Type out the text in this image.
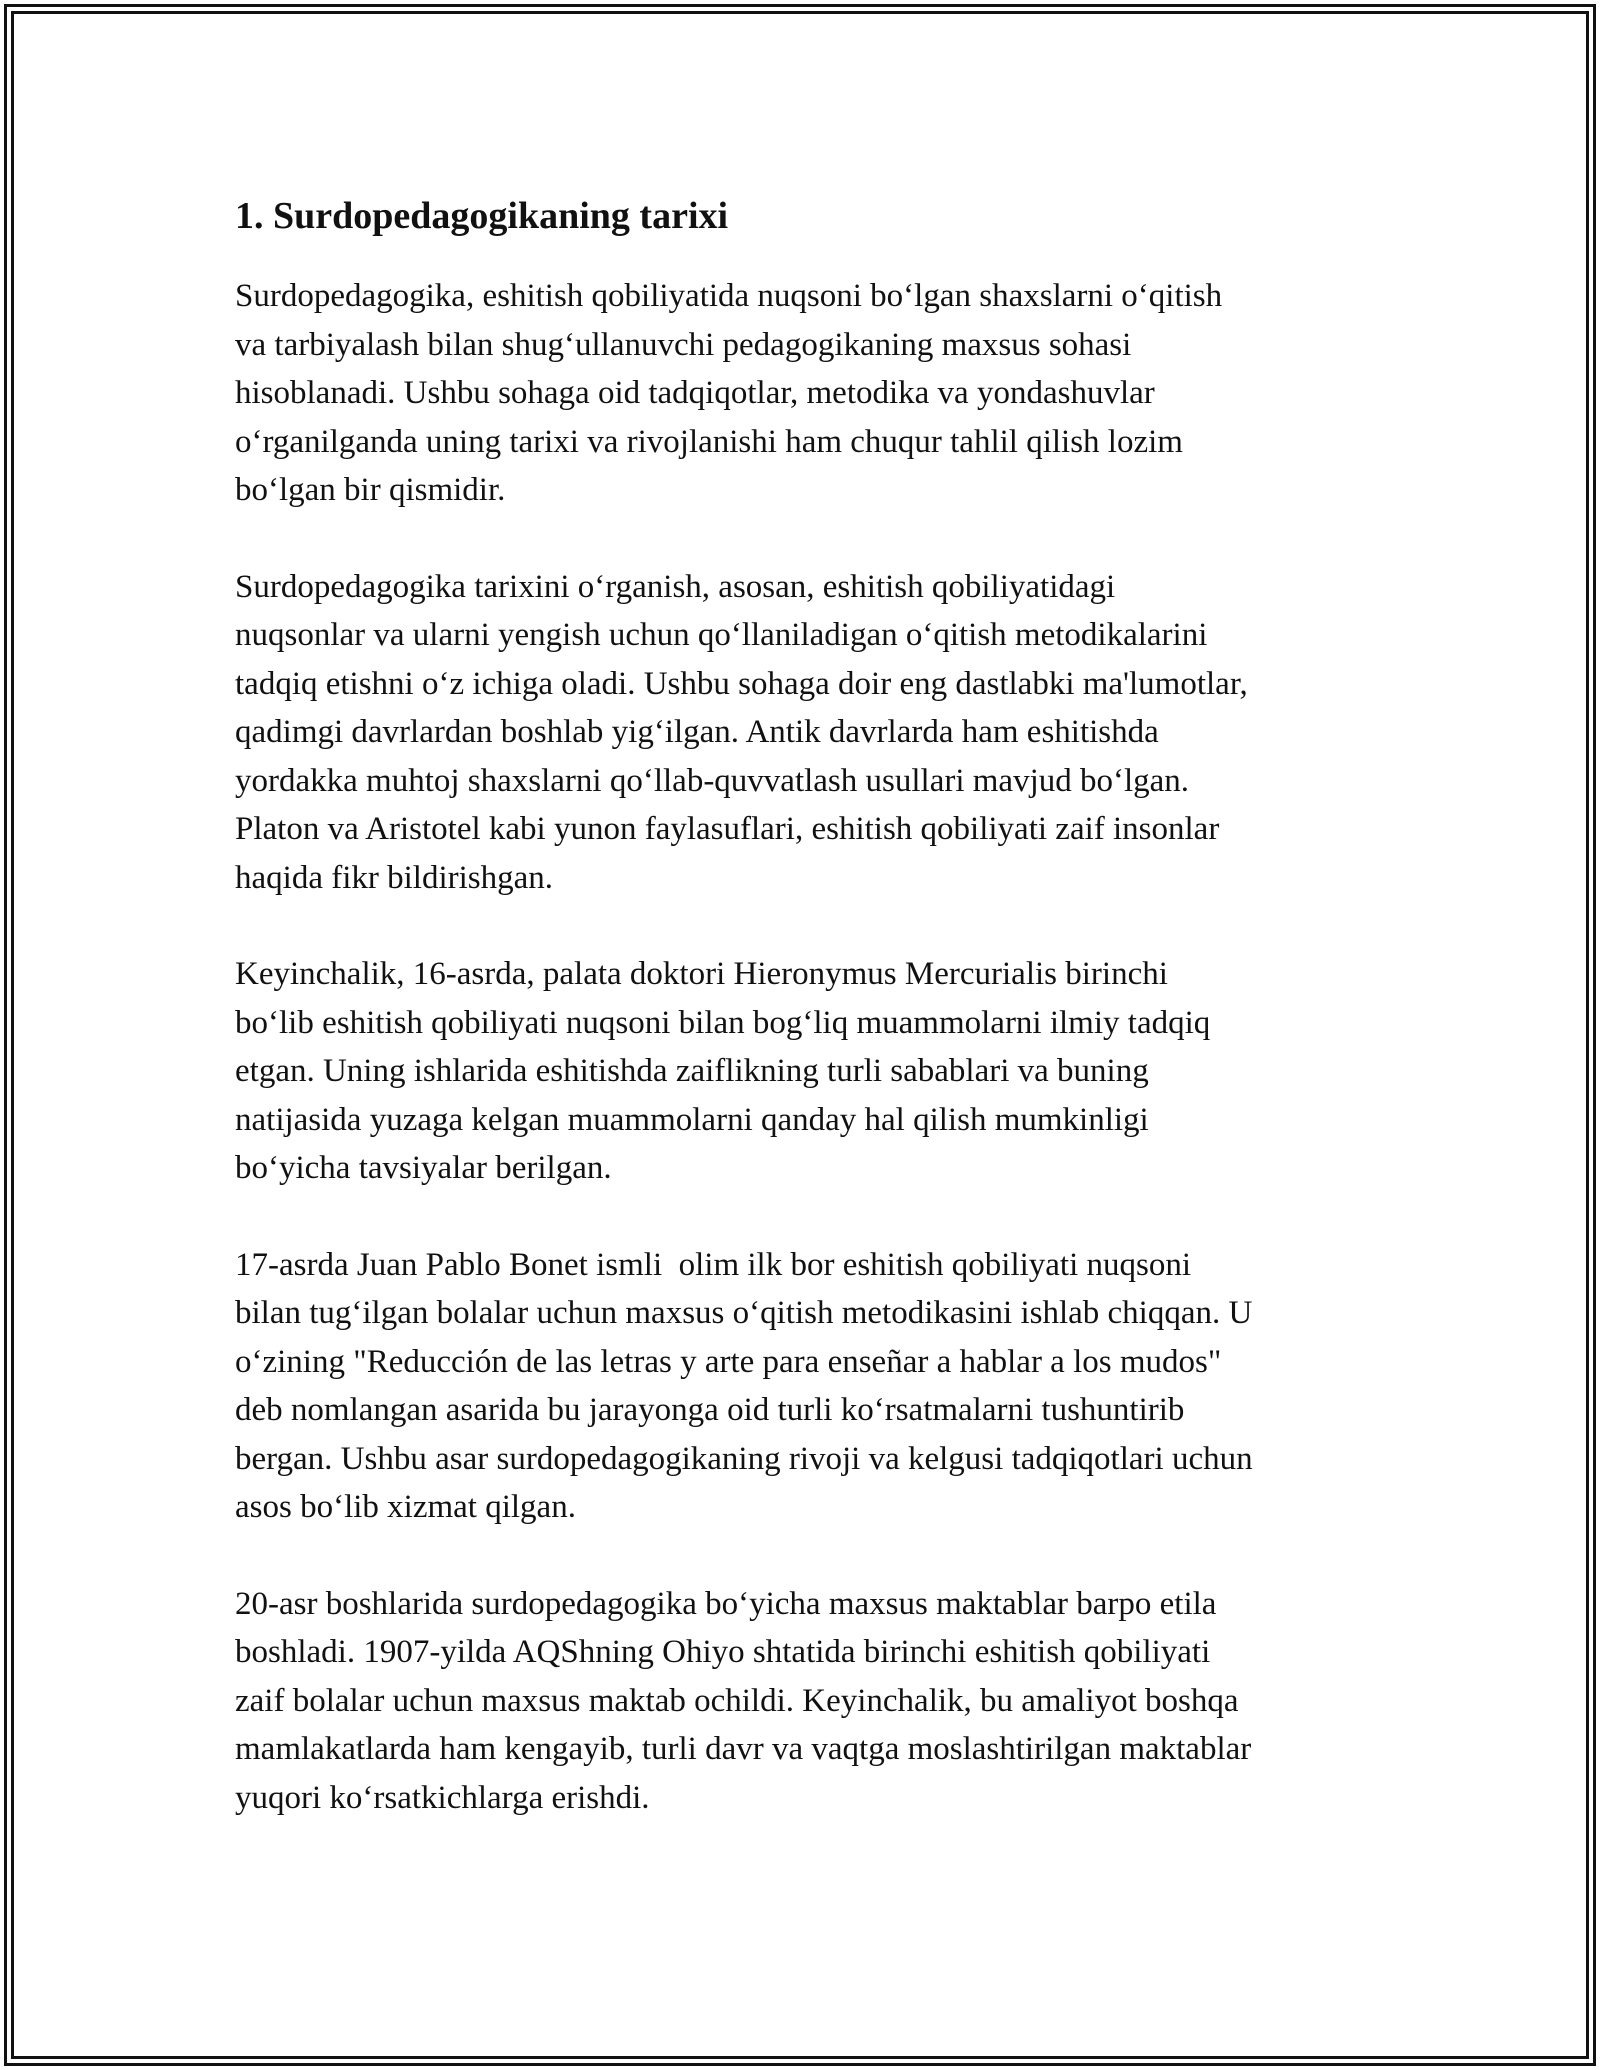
1. Surdopedagogikaning tarixi

Surdopedagogika, eshitish qobiliyatida nuqsoni bo‘lgan shaxslarni o‘qitish
va tarbiyalash bilan shug‘ullanuvchi pedagogikaning maxsus sohasi
hisoblanadi. Ushbu sohaga oid tadqiqotlar, metodika va yondashuvlar
o‘rganilganda uning tarixi va rivojlanishi ham chuqur tahlil qilish lozim
bo‘lgan bir qismidir.

Surdopedagogika tarixini o‘rganish, asosan, eshitish qobiliyatidagi
nuqsonlar va ularni yengish uchun qo‘llaniladigan o‘qitish metodikalarini
tadqiq etishni o‘z ichiga oladi. Ushbu sohaga doir eng dastlabki ma'lumotlar,
qadimgi davrlardan boshlab yig‘ilgan. Antik davrlarda ham eshitishda
yordakka muhtoj shaxslarni qo‘llab-quvvatlash usullari mavjud bo‘lgan.
Platon va Aristotel kabi yunon faylasuflari, eshitish qobiliyati zaif insonlar
haqida fikr bildirishgan.

Keyinchalik, 16-asrda, palata doktori Hieronymus Mercurialis birinchi
bo‘lib eshitish qobiliyati nuqsoni bilan bog‘liq muammolarni ilmiy tadqiq
etgan. Uning ishlarida eshitishda zaiflikning turli sabablari va buning
natijasida yuzaga kelgan muammolarni qanday hal qilish mumkinligi
bo‘yicha tavsiyalar berilgan.

17-asrda Juan Pablo Bonet ismli  olim ilk bor eshitish qobiliyati nuqsoni
bilan tug‘ilgan bolalar uchun maxsus o‘qitish metodikasini ishlab chiqqan. U
o‘zining "Reducción de las letras y arte para enseñar a hablar a los mudos"
deb nomlangan asarida bu jarayonga oid turli ko‘rsatmalarni tushuntirib
bergan. Ushbu asar surdopedagogikaning rivoji va kelgusi tadqiqotlari uchun
asos bo‘lib xizmat qilgan.

20-asr boshlarida surdopedagogika bo‘yicha maxsus maktablar barpo etila
boshladi. 1907-yilda AQShning Ohiyo shtatida birinchi eshitish qobiliyati
zaif bolalar uchun maxsus maktab ochildi. Keyinchalik, bu amaliyot boshqa
mamlakatlarda ham kengayib, turli davr va vaqtga moslashtirilgan maktablar
yuqori ko‘rsatkichlarga erishdi.
